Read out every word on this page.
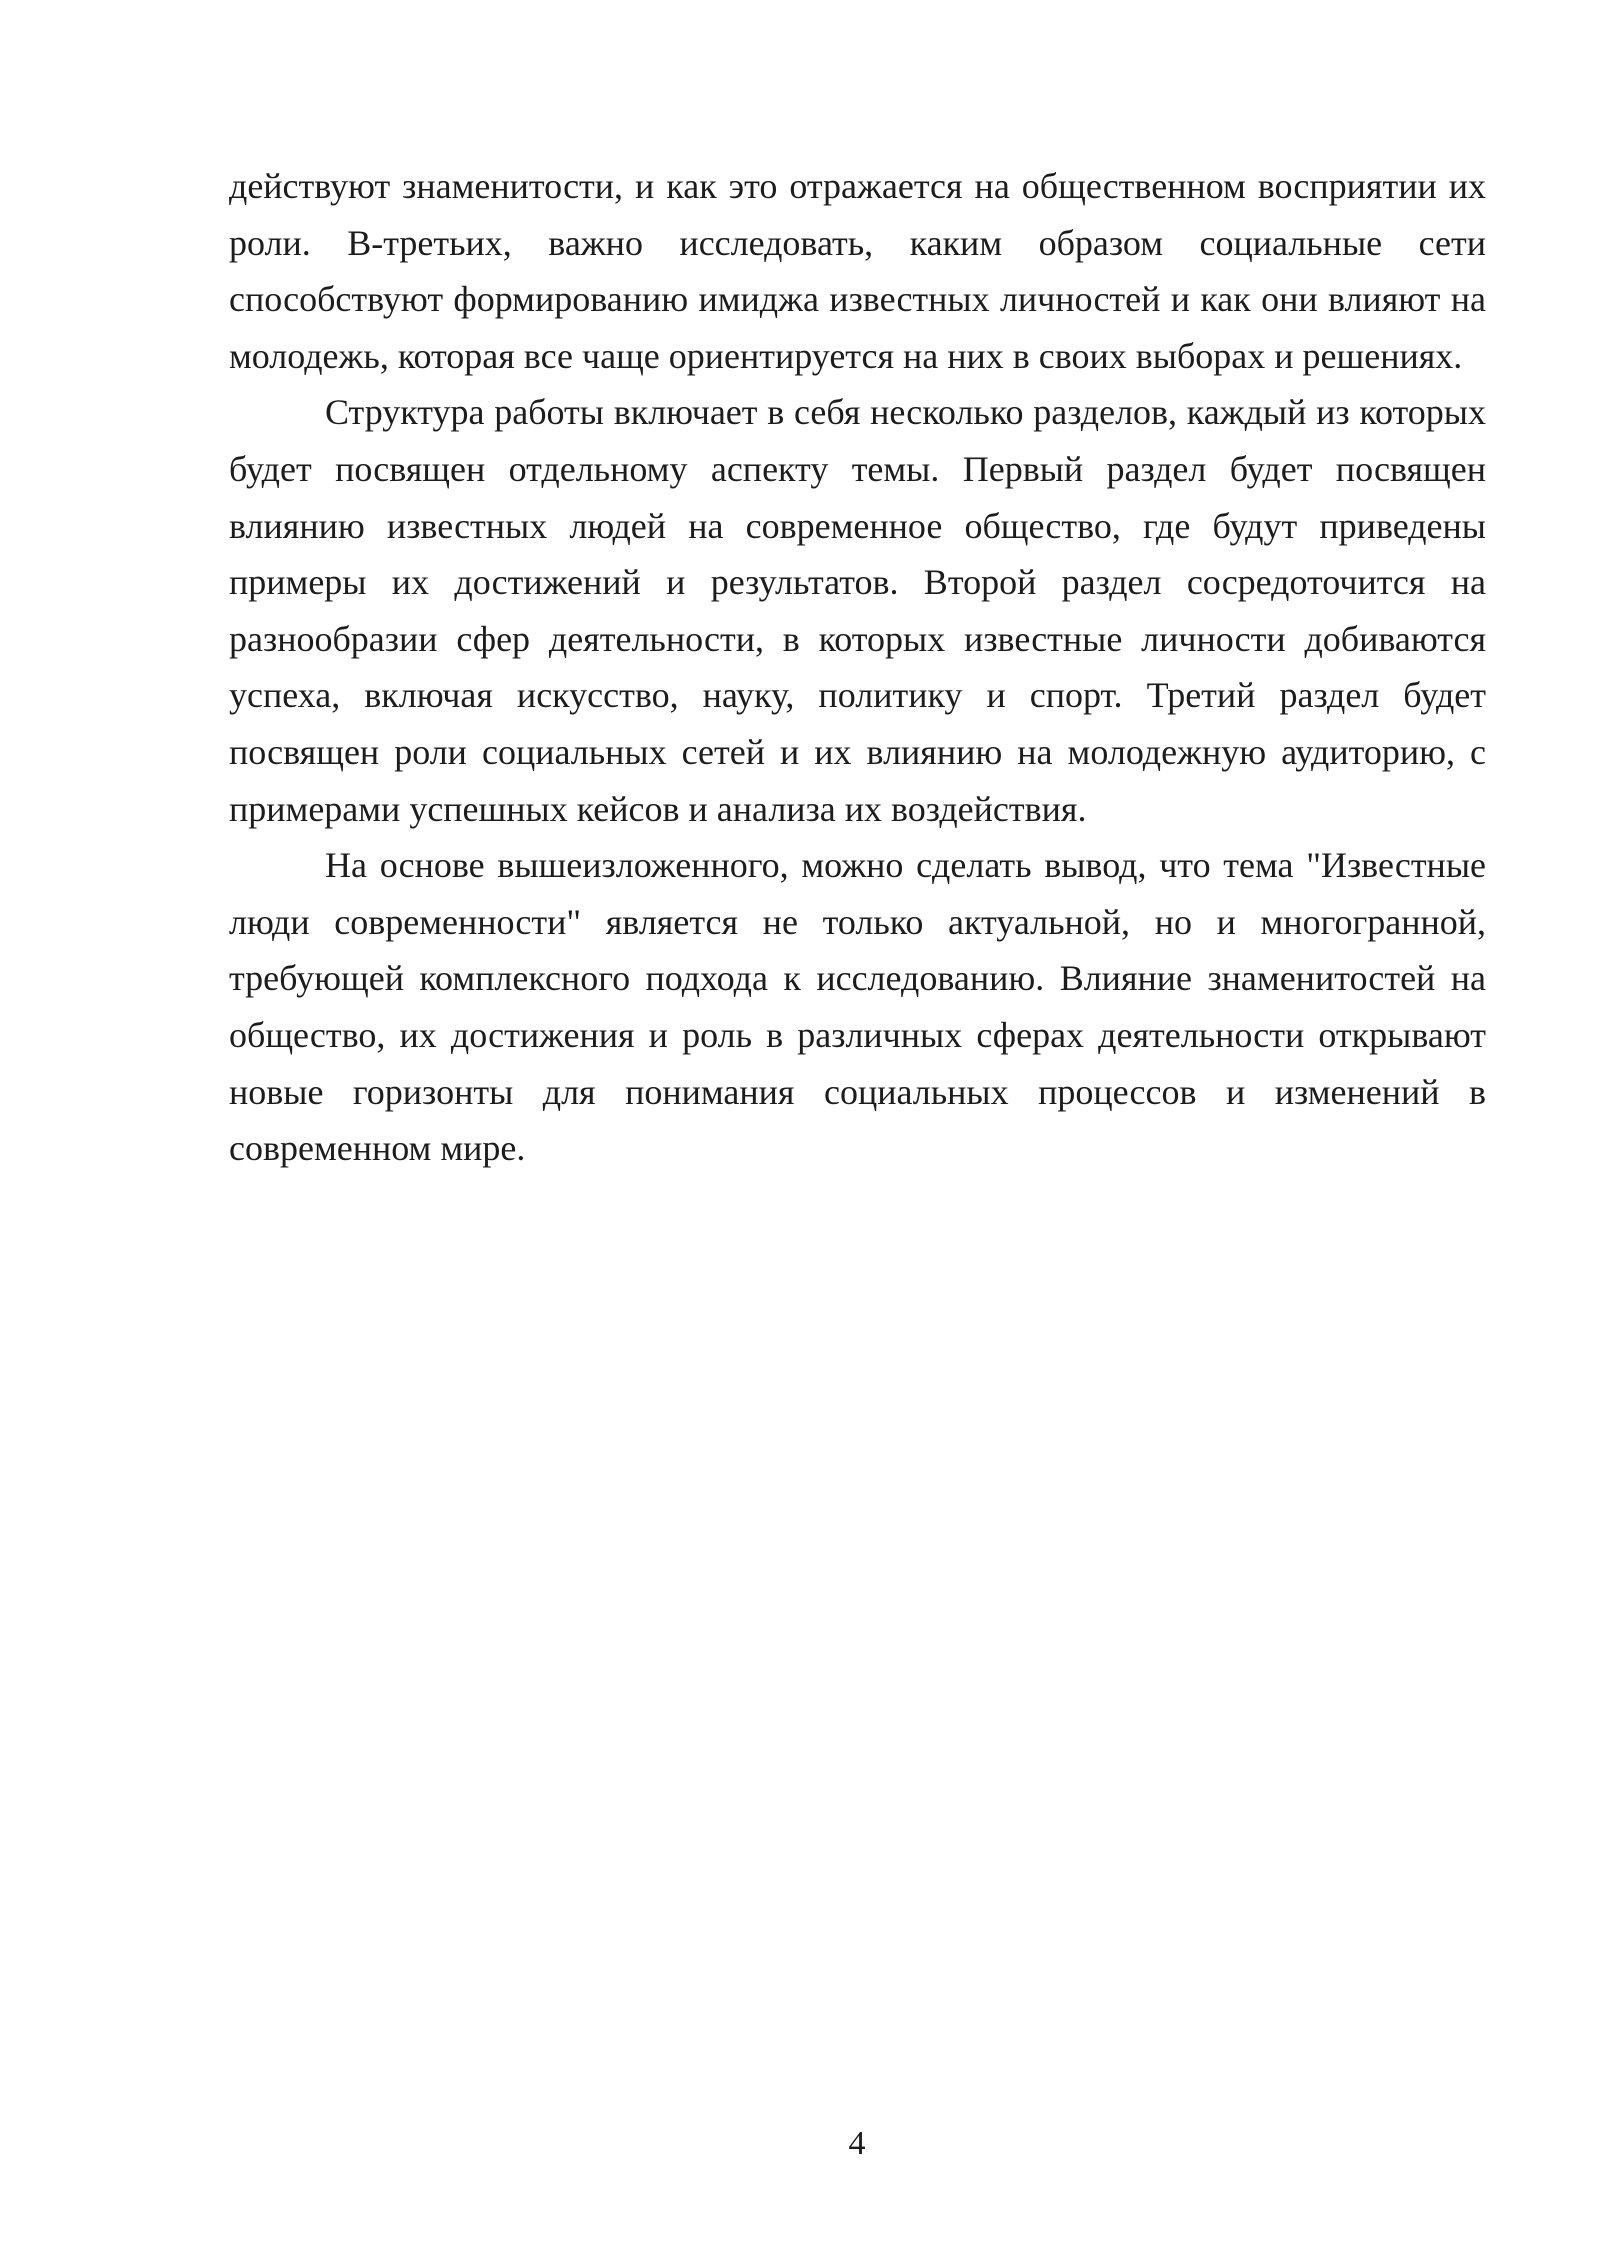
действуют знаменитости, и как это отражается на общественном восприятии их роли. В-третьих, важно исследовать, каким образом социальные сети способствуют формированию имиджа известных личностей и как они влияют на молодежь, которая все чаще ориентируется на них в своих выборах и решениях.

Структура работы включает в себя несколько разделов, каждый из которых будет посвящен отдельному аспекту темы. Первый раздел будет посвящен влиянию известных людей на современное общество, где будут приведены примеры их достижений и результатов. Второй раздел сосредоточится на разнообразии сфер деятельности, в которых известные личности добиваются успеха, включая искусство, науку, политику и спорт. Третий раздел будет посвящен роли социальных сетей и их влиянию на молодежную аудиторию, с примерами успешных кейсов и анализа их воздействия.

На основе вышеизложенного, можно сделать вывод, что тема "Известные люди современности" является не только актуальной, но и многогранной, требующей комплексного подхода к исследованию. Влияние знаменитостей на общество, их достижения и роль в различных сферах деятельности открывают новые горизонты для понимания социальных процессов и изменений в современном мире.

4
